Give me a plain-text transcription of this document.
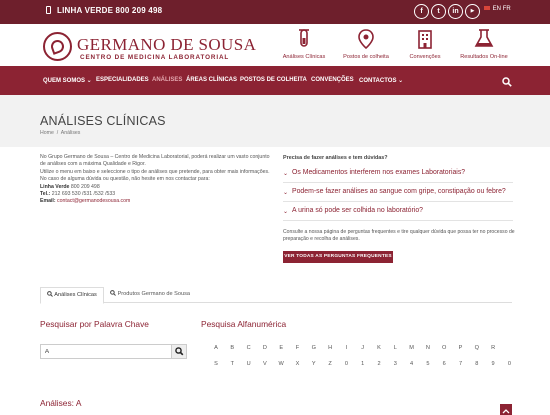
LINHA VERDE 800 209 498	f	t	in	▶	EN FR
GERMANO DE SOUSA
CENTRO DE MEDICINA LABORATORIAL	Análises Clínicas	Postos de colheita	Convenções	Resultados On-line
QUEM SOMOS ⌄ ESPECIALIDADES ANÁLISES ÁREAS CLÍNICAS POSTOS DE COLHEITA CONVENÇÕES CONTACTOS ⌄
ANÁLISES CLÍNICAS
Home / Análises

No Grupo Germano de Sousa – Centro de Medicina Laboratorial, poderá realizar um vasto conjunto de análises com a máxima Qualidade e Rigor.

Utilize o menu em baixo e seleccione o tipo de análises que pretende, para obter mais informações.

No caso de alguma dúvida ou questão, não hesite em nos contactar para:

Linha Verde 800 209 498

Tel.: 212 693 530 /531 /532 /533

Email: contact@germanodesousa.com

Precisa de fazer análises e tem dúvidas?
⌄ Os Medicamentos interferem nos exames Laboratoriais?
⌄ Podem-se fazer análises ao sangue com gripe, constipação ou febre?
⌄ A urina só pode ser colhida no laboratório?
Consulte a nossa página de perguntas frequentes e tire qualquer dúvida que possa ter no processo de preparação e recolha de análises.
VER TODAS AS PERGUNTAS FREQUENTES
Análises Clínicas	Produtos Germano de Sousa
Pesquisar por Palavra Chave	Pesquisa Alfanumérica
A
A	B	C	D	E	F	G	H	I	J	K	L	M	N	O	P	Q	R
S	T	U	V	W	X	Y	Z	0	1	2	3	4	5	6	7	8	9	0
Análises: A
